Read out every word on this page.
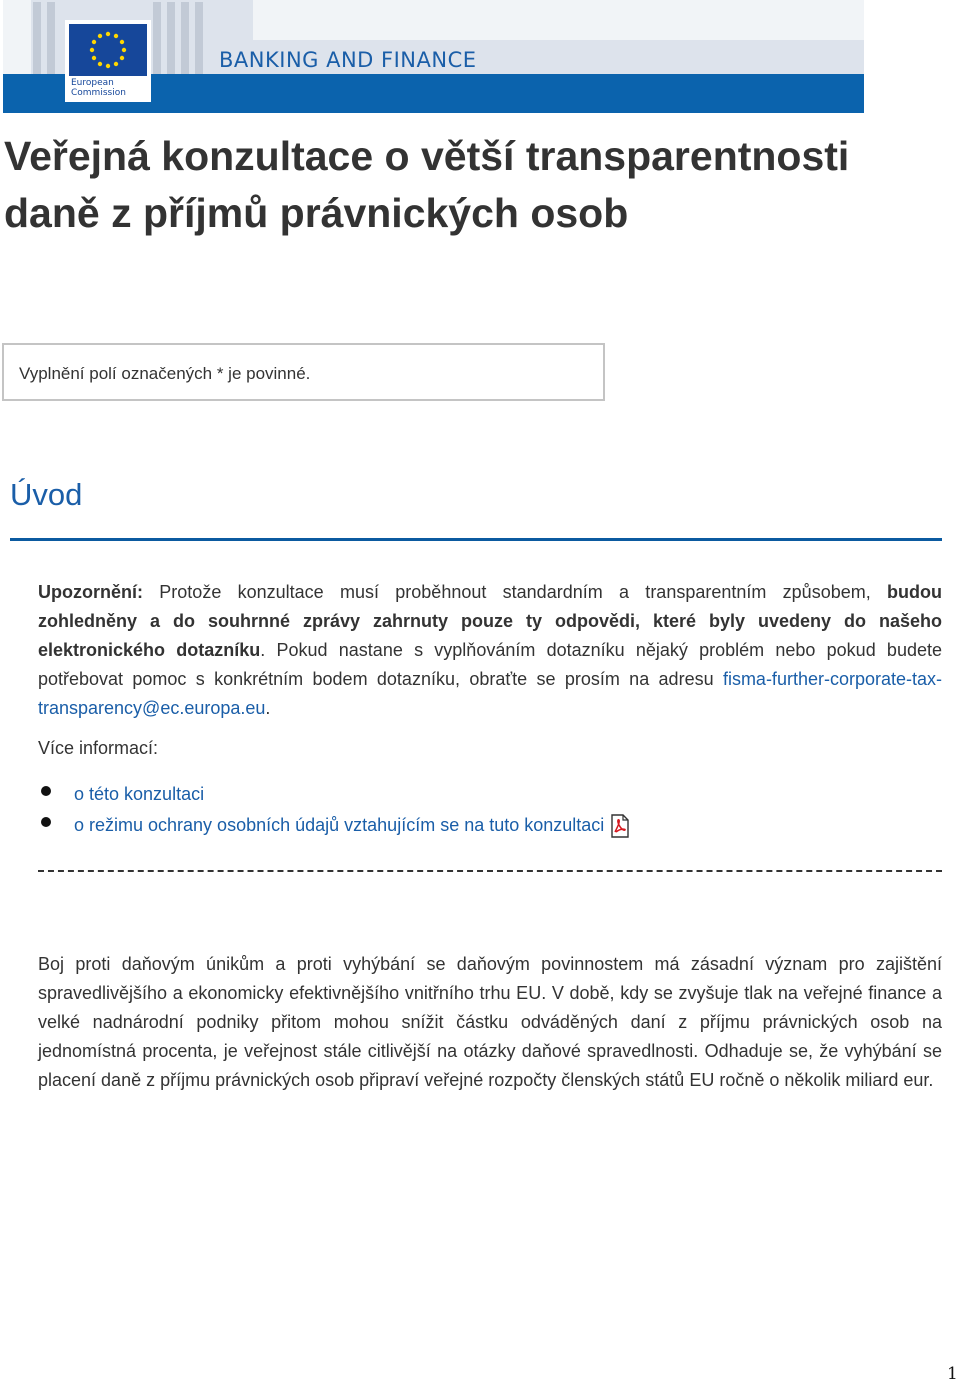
BANKING AND FINANCE
European
Commission
Veřejná konzultace o větší transparentnosti daně z příjmů právnických osob
Vyplnění polí označených * je povinné.
Úvod

Upozornění: Protože konzultace musí proběhnout standardním a transparentním způsobem, budou zohledněny a do souhrnné zprávy zahrnuty pouze ty odpovědi, které byly uvedeny do našeho elektronického dotazníku. Pokud nastane s vyplňováním dotazníku nějaký problém nebo pokud budete potřebovat pomoc s konkrétním bodem dotazníku, obraťte se prosím na adresu fisma-further-corporate-tax-transparency@ec.europa.eu.

Více informací:
o této konzultaci
o režimu ochrany osobních údajů vztahujícím se na tuto konzultaci

Boj proti daňovým únikům a proti vyhýbání se daňovým povinnostem má zásadní význam pro zajištění spravedlivějšího a ekonomicky efektivnějšího vnitřního trhu EU. V době, kdy se zvyšuje tlak na veřejné finance a velké nadnárodní podniky přitom mohou snížit částku odváděných daní z příjmu právnických osob na jednomístná procenta, je veřejnost stále citlivější na otázky daňové spravedlnosti. Odhaduje se, že vyhýbání se placení daně z příjmu právnických osob připraví veřejné rozpočty členských států EU ročně o několik miliard eur.

1
